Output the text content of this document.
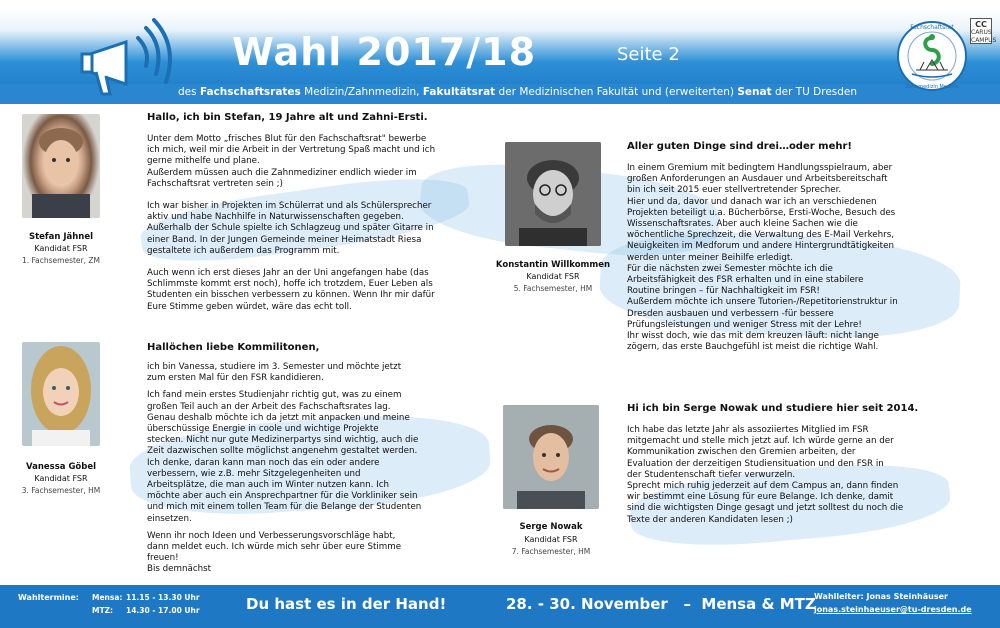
Wahl 2017/18	Seite 2
des Fachschaftsrates Medizin/Zahnmedizin, Fakultätsrat der Medizinischen Fakultät und (erweiterten) Senat der TU Dresden
Fachschaftsrat
Zahnmedizin Medizin
CC
CARUS CAMPUS
Stefan Jähnel
Kandidat FSR
1. Fachsemester, ZM
Hallo, ich bin Stefan, 19 Jahre alt und Zahni-Ersti.

Unter dem Motto „frisches Blut für den Fachschaftsrat" bewerbe
ich mich, weil mir die Arbeit in der Vertretung Spaß macht und ich
gerne mithelfe und plane.
Außerdem müssen auch die Zahnmediziner endlich wieder im
Fachschaftsrat vertreten sein ;)

Ich war bisher in Projekten im Schülerrat und als Schülersprecher
aktiv und habe Nachhilfe in Naturwissenschaften gegeben.
Außerhalb der Schule spielte ich Schlagzeug und später Gitarre in
einer Band. In der Jungen Gemeinde meiner Heimatstadt Riesa
gestaltete ich außerdem das Programm mit.

Auch wenn ich erst dieses Jahr an der Uni angefangen habe (das
Schlimmste kommt erst noch), hoffe ich trotzdem, Euer Leben als
Studenten ein bisschen verbessern zu können. Wenn Ihr mir dafür
Eure Stimme geben würdet, wäre das echt toll.

Vanessa Göbel
Kandidat FSR
3. Fachsemester, HM
Hallöchen liebe Kommilitonen,

ich bin Vanessa, studiere im 3. Semester und möchte jetzt
zum ersten Mal für den FSR kandidieren.

Ich fand mein erstes Studienjahr richtig gut, was zu einem
großen Teil auch an der Arbeit des Fachschaftsrates lag.
Genau deshalb möchte ich da jetzt mit anpacken und meine
überschüssige Energie in coole und wichtige Projekte
stecken. Nicht nur gute Medizinerpartys sind wichtig, auch die
Zeit dazwischen sollte möglichst angenehm gestaltet werden.
Ich denke, daran kann man noch das ein oder andere
verbessern, wie z.B. mehr Sitzgelegenheiten und
Arbeitsplätze, die man auch im Winter nutzen kann. Ich
möchte aber auch ein Ansprechpartner für die Vorkliniker sein
und mich mit einem tollen Team für die Belange der Studenten
einsetzen.

Wenn ihr noch Ideen und Verbesserungsvorschläge habt,
dann meldet euch. Ich würde mich sehr über eure Stimme
freuen!
Bis demnächst

Konstantin Willkommen
Kandidat FSR
5. Fachsemester, HM
Aller guten Dinge sind drei…oder mehr!

In einem Gremium mit bedingtem Handlungsspielraum, aber
großen Anforderungen an Ausdauer und Arbeitsbereitschaft
bin ich seit 2015 euer stellvertretender Sprecher.
Hier und da, davor und danach war ich an verschiedenen
Projekten beteiligt u.a. Bücherbörse, Ersti-Woche, Besuch des
Wissenschaftsrates. Aber auch kleine Sachen wie die
wöchentliche Sprechzeit, die Verwaltung des E-Mail Verkehrs,
Neuigkeiten im Medforum und andere Hintergrundtätigkeiten
werden unter meiner Beihilfe erledigt.
Für die nächsten zwei Semester möchte ich die
Arbeitsfähigkeit des FSR erhalten und in eine stabilere
Routine bringen – für Nachhaltigkeit im FSR!
Außerdem möchte ich unsere Tutorien-/Repetitorienstruktur in
Dresden ausbauen und verbessern -für bessere
Prüfungsleistungen und weniger Stress mit der Lehre!
Ihr wisst doch, wie das mit dem kreuzen läuft: nicht lange
zögern, das erste Bauchgefühl ist meist die richtige Wahl.

Serge Nowak
Kandidat FSR
7. Fachsemester, HM
Hi ich bin Serge Nowak und studiere hier seit 2014.

Ich habe das letzte Jahr als assoziiertes Mitglied im FSR
mitgemacht und stelle mich jetzt auf. Ich würde gerne an der
Kommunikation zwischen den Gremien arbeiten, der
Evaluation der derzeitigen Studiensituation und den FSR in
der Studentenschaft tiefer verwurzeln.
Sprecht mich ruhig jederzeit auf dem Campus an, dann finden
wir bestimmt eine Lösung für eure Belange. Ich denke, damit
sind die wichtigsten Dinge gesagt und jetzt solltest du noch die
Texte der anderen Kandidaten lesen ;)

Wahltermine: Mensa: 11.15 - 13.30 Uhr
MTZ: 14.30 - 17.00 Uhr	Du hast es in der Hand!	28. - 30. November   –  Mensa & MTZ
Wahlleiter: Jonas Steinhäuser
jonas.steinhaeuser@tu-dresden.de
